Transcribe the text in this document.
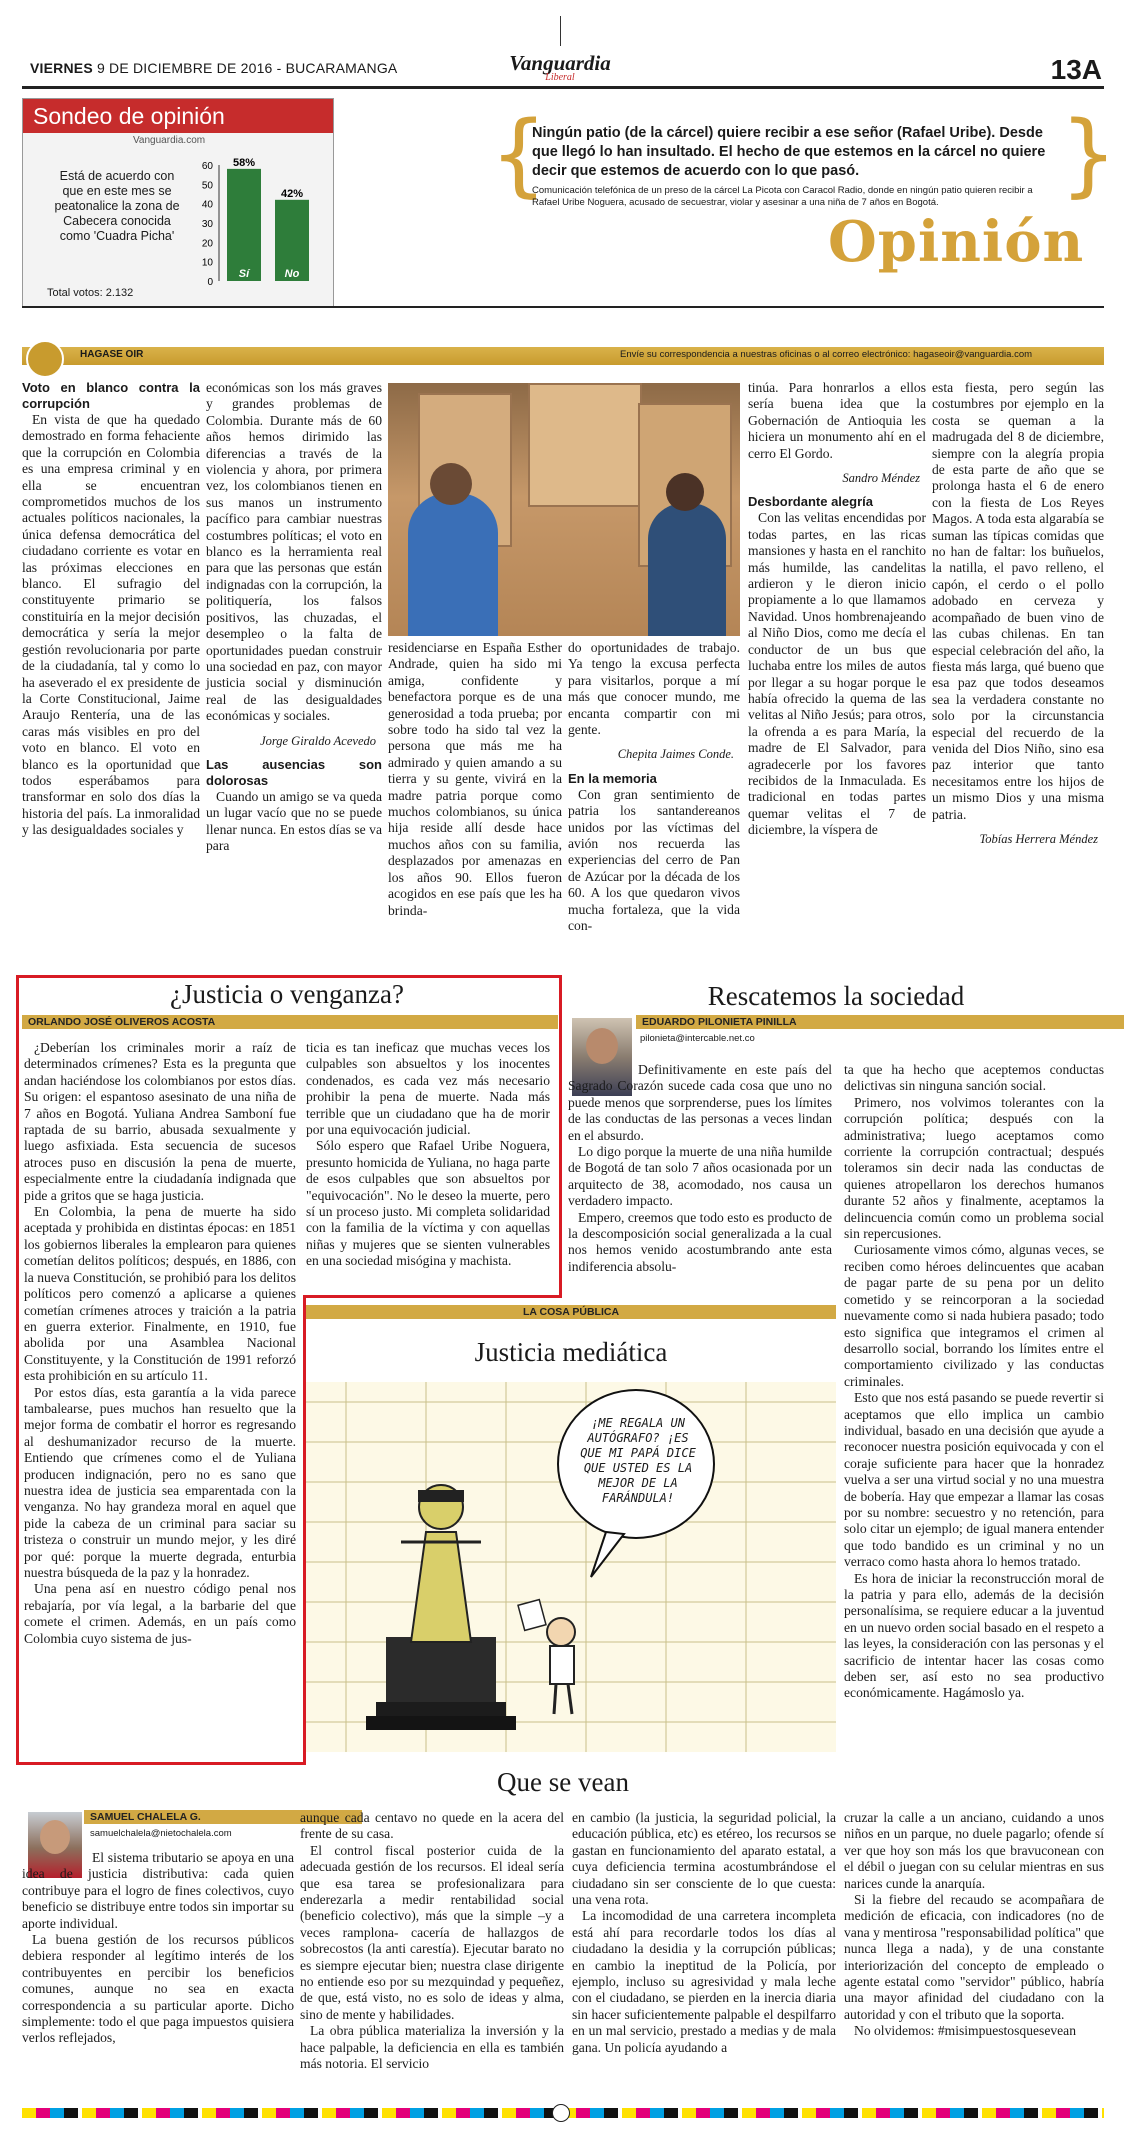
VIERNES 9 DE DICIEMBRE DE 2016 - BUCARAMANGA	Vanguardia
Liberal	13A
Sondeo de opinión
Vanguardia.com
Está de acuerdo con que en este mes se peatonalice la zona de Cabecera conocida como 'Cuadra Picha'
Total votos: 2.132
60
50
40
30
20
10
0
58%
Sí
42%
No
{	}
Ningún patio (de la cárcel) quiere recibir a ese señor (Rafael Uribe). Desde que llegó lo han insultado. El hecho de que estemos en la cárcel no quiere decir que estemos de acuerdo con lo que pasó.
Comunicación telefónica de un preso de la cárcel La Picota con Caracol Radio, donde en ningún patio quieren recibir a Rafael Uribe Noguera, acusado de secuestrar, violar y asesinar a una niña de 7 años en Bogotá.
Opinión
HAGASE OIR	Envíe su correspondencia a nuestras oficinas o al correo electrónico: hagaseoir@vanguardia.com
Voto en blanco contra la corrupción

En vista de que ha quedado demostrado en forma fehaciente que la corrupción en Colombia es una empresa criminal y en ella se encuentran comprometidos muchos de los actuales políticos nacionales, la única defensa democrática del ciudadano corriente es votar en las próximas elecciones en blanco. El sufragio del constituyente primario se constituiría en la mejor decisión democrática y sería la mejor gestión revolucionaria por parte de la ciudadanía, tal y como lo ha aseverado el ex presidente de la Corte Constitucional, Jaime Araujo Rentería, una de las caras más visibles en pro del voto en blanco. El voto en blanco es la oportunidad que todos esperábamos para transformar en solo dos días la historia del país. La inmoralidad y las desigualdades sociales y

económicas son los más graves y grandes problemas de Colombia. Durante más de 60 años hemos dirimido las diferencias a través de la violencia y ahora, por primera vez, los colombianos tienen en sus manos un instrumento pacífico para cambiar nuestras costumbres políticas; el voto en blanco es la herramienta real para que las personas que están indignadas con la corrupción, la politiquería, los falsos positivos, las chuzadas, el desempleo o la falta de oportunidades puedan construir una sociedad en paz, con mayor justicia social y disminución real de las desigualdades económicas y sociales.

Jorge Giraldo Acevedo
Las ausencias son dolorosas

Cuando un amigo se va queda un lugar vacío que no se puede llenar nunca. En estos días se va para

residenciarse en España Esther Andrade, quien ha sido mi amiga, confidente y benefactora porque es de una generosidad a toda prueba; por sobre todo ha sido tal vez la persona que más me ha admirado y quien amando a su tierra y su gente, vivirá en la madre patria porque como muchos colombianos, su única hija reside allí desde hace muchos años con su familia, desplazados por amenazas en los años 90. Ellos fueron acogidos en ese país que les ha brinda-

do oportunidades de trabajo. Ya tengo la excusa perfecta para visitarlos, porque a mí más que conocer mundo, me encanta compartir con mi gente.

Chepita Jaimes Conde.
En la memoria

Con gran sentimiento de patria los santandereanos unidos por las víctimas del avión nos recuerda las experiencias del cerro de Pan de Azúcar por la década de los 60. A los que quedaron vivos mucha fortaleza, que la vida con-

tinúa. Para honrarlos a ellos sería buena idea que la Gobernación de Antioquia les hiciera un monumento ahí en el cerro El Gordo.

Sandro Méndez
Desbordante alegría

Con las velitas encendidas por todas partes, en las ricas mansiones y hasta en el ranchito más humilde, las candelitas ardieron y le dieron inicio propiamente a lo que llamamos Navidad. Unos hombrenajeando al Niño Dios, como me decía el conductor de un bus que luchaba entre los miles de autos por llegar a su hogar porque le había ofrecido la quema de las velitas al Niño Jesús; para otros, la ofrenda a es para María, la madre de El Salvador, para agradecerle por los favores recibidos de la Inmaculada. Es tradicional en todas partes quemar velitas el 7 de diciembre, la víspera de

esta fiesta, pero según las costumbres por ejemplo en la costa se queman a la madrugada del 8 de diciembre, siempre con la alegría propia de esta parte de año que se prolonga hasta el 6 de enero con la fiesta de Los Reyes Magos. A toda esta algarabía se suman las típicas comidas que no han de faltar: los buñuelos, la natilla, el pavo relleno, el capón, el cerdo o el pollo adobado en cerveza y acompañado de buen vino de las cubas chilenas. En tan especial celebración del año, la fiesta más larga, qué bueno que esa paz que todos deseamos sea la verdadera constante no solo por la circunstancia especial del recuerdo de la venida del Dios Niño, sino esa paz interior que tanto necesitamos entre los hijos de un mismo Dios y una misma patria.

Tobías Herrera Méndez
¿Justicia o venganza?
ORLANDO JOSÉ OLIVEROS ACOSTA

¿Deberían los criminales morir a raíz de determinados crímenes? Esta es la pregunta que andan haciéndose los colombianos por estos días. Su origen: el espantoso asesinato de una niña de 7 años en Bogotá. Yuliana Andrea Samboní fue raptada de su barrio, abusada sexualmente y luego asfixiada. Esta secuencia de sucesos atroces puso en discusión la pena de muerte, especialmente entre la ciudadanía indignada que pide a gritos que se haga justicia.

En Colombia, la pena de muerte ha sido aceptada y prohibida en distintas épocas: en 1851 los gobiernos liberales la emplearon para quienes cometían delitos políticos; después, en 1886, con la nueva Constitución, se prohibió para los delitos políticos pero comenzó a aplicarse a quienes cometían crímenes atroces y traición a la patria en guerra exterior. Finalmente, en 1910, fue abolida por una Asamblea Nacional Constituyente, y la Constitución de 1991 reforzó esta prohibición en su artículo 11.

Por estos días, esta garantía a la vida parece tambalearse, pues muchos han resuelto que la mejor forma de combatir el horror es regresando al deshumanizador recurso de la muerte. Entiendo que crímenes como el de Yuliana producen indignación, pero no es sano que nuestra idea de justicia sea emparentada con la venganza. No hay grandeza moral en aquel que pide la cabeza de un criminal para saciar su tristeza o construir un mundo mejor, y les diré por qué: porque la muerte degrada, enturbia nuestra búsqueda de la paz y la honradez.

Una pena así en nuestro código penal nos rebajaría, por vía legal, a la barbarie del que comete el crimen. Además, en un país como Colombia cuyo sistema de jus-

ticia es tan ineficaz que muchas veces los culpables son absueltos y los inocentes condenados, es cada vez más necesario prohibir la pena de muerte. Nada más terrible que un ciudadano que ha de morir por una equivocación judicial.

Sólo espero que Rafael Uribe Noguera, presunto homicida de Yuliana, no haga parte de esos culpables que son absueltos por "equivocación". No le deseo la muerte, pero sí un proceso justo. Mi completa solidaridad con la familia de la víctima y con aquellas niñas y mujeres que se sienten vulnerables en una sociedad misógina y machista.

Rescatemos la sociedad
EDUARDO PILONIETA PINILLA
pilonieta@intercable.net.co

Definitivamente en este país del Sagrado Corazón sucede cada cosa que uno no puede menos que sorprenderse, pues los límites de las conductas de las personas a veces lindan en el absurdo.

Lo digo porque la muerte de una niña humilde de Bogotá de tan solo 7 años ocasionada por un arquitecto de 38, acomodado, nos causa un verdadero impacto.

Empero, creemos que todo esto es producto de la descomposición social generalizada a la cual nos hemos venido acostumbrando ante esta indiferencia absolu-

ta que ha hecho que aceptemos conductas delictivas sin ninguna sanción social.

Primero, nos volvimos tolerantes con la corrupción política; después con la administrativa; luego aceptamos como corriente la corrupción contractual; después toleramos sin decir nada las conductas de quienes atropellaron los derechos humanos durante 52 años y finalmente, aceptamos la delincuencia común como un problema social sin repercusiones.

Curiosamente vimos cómo, algunas veces, se reciben como héroes delincuentes que acaban de pagar parte de su pena por un delito cometido y se reincorporan a la sociedad nuevamente como si nada hubiera pasado; todo esto significa que integramos el crimen al desarrollo social, borrando los límites entre el comportamiento civilizado y las conductas criminales.

Esto que nos está pasando se puede revertir si aceptamos que ello implica un cambio individual, basado en una decisión que ayude a reconocer nuestra posición equivocada y con el coraje suficiente para hacer que la honradez vuelva a ser una virtud social y no una muestra de bobería. Hay que empezar a llamar las cosas por su nombre: secuestro y no retención, para solo citar un ejemplo; de igual manera entender que todo bandido es un criminal y no un verraco como hasta ahora lo hemos tratado.

Es hora de iniciar la reconstrucción moral de la patria y para ello, además de la decisión personalísima, se requiere educar a la juventud en un nuevo orden social basado en el respeto a las leyes, la consideración con las personas y el sacrificio de intentar hacer las cosas como deben ser, así esto no sea productivo económicamente. Hagámoslo ya.

LA COSA PÚBLICA
Justicia mediática
¡ME REGALA UN AUTÓGRAFO? ¡ES QUE MI PAPÁ DICE QUE USTED ES LA MEJOR DE LA FARÁNDULA!
Que se vean
SAMUEL CHALELA G.
samuelchalela@nietochalela.com

El sistema tributario se apoya en una idea de justicia distributiva: cada quien contribuye para el logro de fines colectivos, cuyo beneficio se distribuye entre todos sin importar su aporte individual.

La buena gestión de los recursos públicos debiera responder al legítimo interés de los contribuyentes en percibir los beneficios comunes, aunque no sea en exacta correspondencia a su particular aporte. Dicho simplemente: todo el que paga impuestos quisiera verlos reflejados,

aunque cada centavo no quede en la acera del frente de su casa.

El control fiscal posterior cuida de la adecuada gestión de los recursos. El ideal sería que esa tarea se profesionalizara para enderezarla a medir rentabilidad social (beneficio colectivo), más que la simple –y a veces ramplona- cacería de hallazgos de sobrecostos (la anti carestía). Ejecutar barato no es siempre ejecutar bien; nuestra clase dirigente no entiende eso por su mezquindad y pequeñez, de que, está visto, no es solo de ideas y alma, sino de mente y habilidades.

La obra pública materializa la inversión y la hace palpable, la deficiencia en ella es también más notoria. El servicio

en cambio (la justicia, la seguridad policial, la educación pública, etc) es etéreo, los recursos se gastan en funcionamiento del aparato estatal, a cuya deficiencia termina acostumbrándose el ciudadano sin ser consciente de lo que cuesta: una vena rota.

La incomodidad de una carretera incompleta está ahí para recordarle todos los días al ciudadano la desidia y la corrupción públicas; en cambio la ineptitud de la Policía, por ejemplo, incluso su agresividad y mala leche con el ciudadano, se pierden en la inercia diaria sin hacer suficientemente palpable el despilfarro en un mal servicio, prestado a medias y de mala gana. Un policía ayudando a

cruzar la calle a un anciano, cuidando a unos niños en un parque, no duele pagarlo; ofende sí ver que hoy son más los que bravuconean con el débil o juegan con su celular mientras en sus narices cunde la anarquía.

Si la fiebre del recaudo se acompañara de medición de eficacia, con indicadores (no de vana y mentirosa "responsabilidad política" que nunca llega a nada), y de una constante interiorización del concepto de empleado o agente estatal como "servidor" público, habría una mayor afinidad del ciudadano con la autoridad y con el tributo que la soporta.

No olvidemos: #misimpuestosquesevean
